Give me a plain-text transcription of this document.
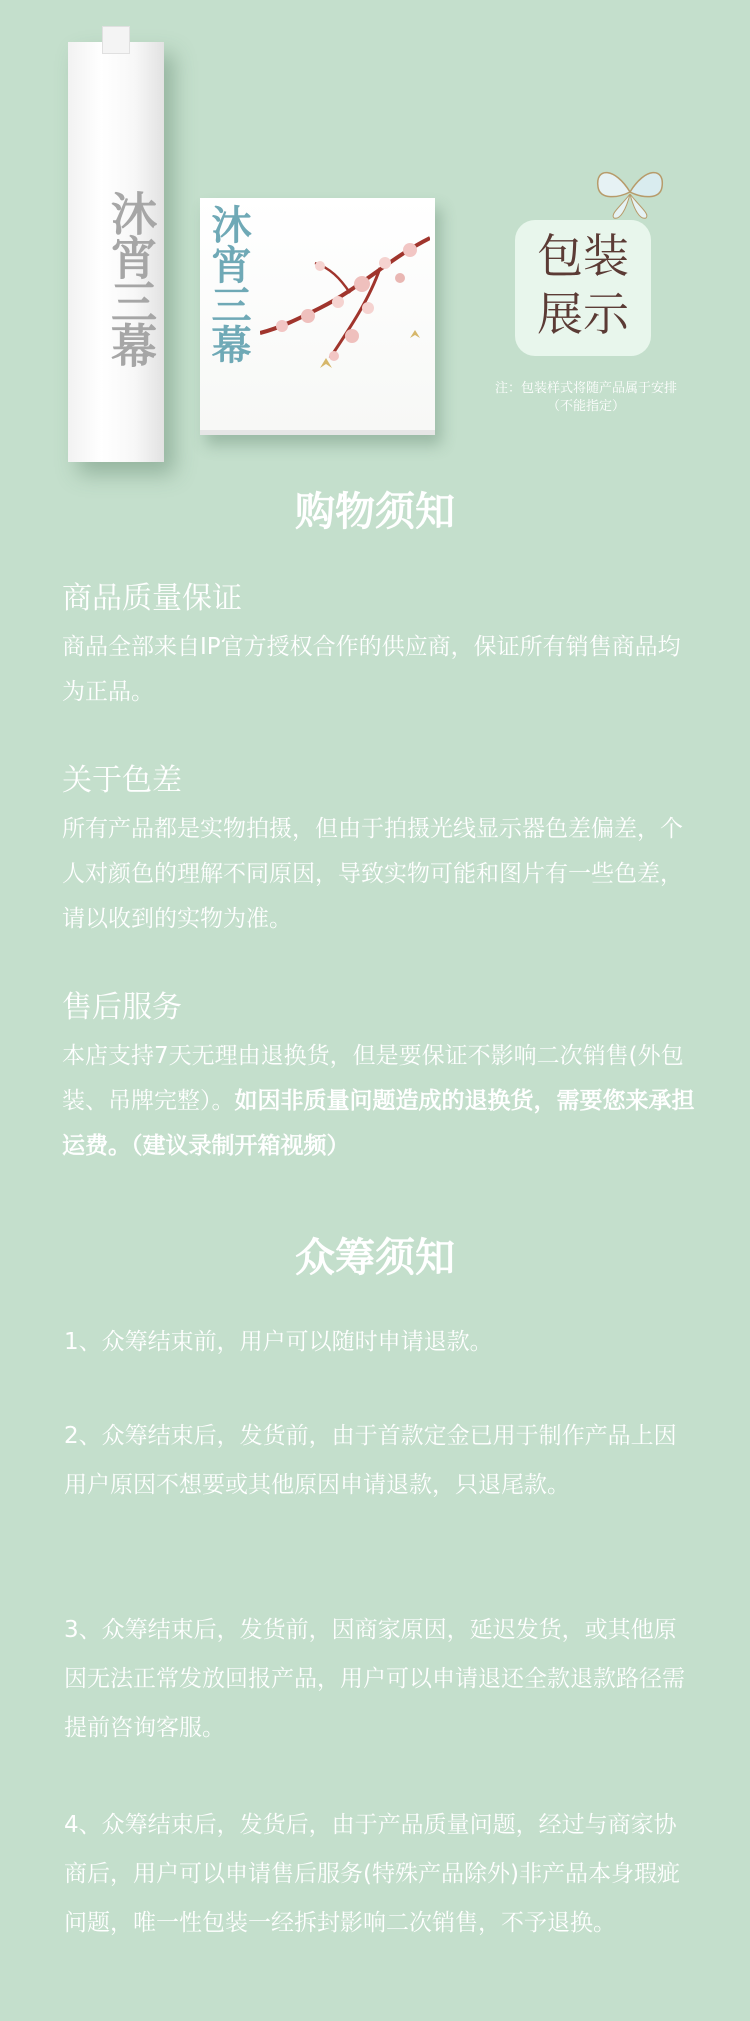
沐宵三幕 沐宵三幕	包装
展示
注：包装样式将随产品属于安排
（不能指定）
购物须知
商品质量保证
商品全部来自IP官方授权合作的供应商，保证所有销售商品均为正品。
关于色差
所有产品都是实物拍摄，但由于拍摄光线显示器色差偏差，个人对颜色的理解不同原因，导致实物可能和图片有一些色差，请以收到的实物为准。
售后服务
本店支持7天无理由退换货，但是要保证不影响二次销售(外包装、吊牌完整）。如因非质量问题造成的退换货，需要您来承担运费。（建议录制开箱视频）
众筹须知
1、众筹结束前，用户可以随时申请退款。
2、众筹结束后，发货前，由于首款定金已用于制作产品上因用户原因不想要或其他原因申请退款，只退尾款。
3、众筹结束后，发货前，因商家原因，延迟发货，或其他原因无法正常发放回报产品，用户可以申请退还全款退款路径需提前咨询客服。
4、众筹结束后，发货后，由于产品质量问题，经过与商家协商后，用户可以申请售后服务(特殊产品除外)非产品本身瑕疵问题，唯一性包装一经拆封影响二次销售，不予退换。
